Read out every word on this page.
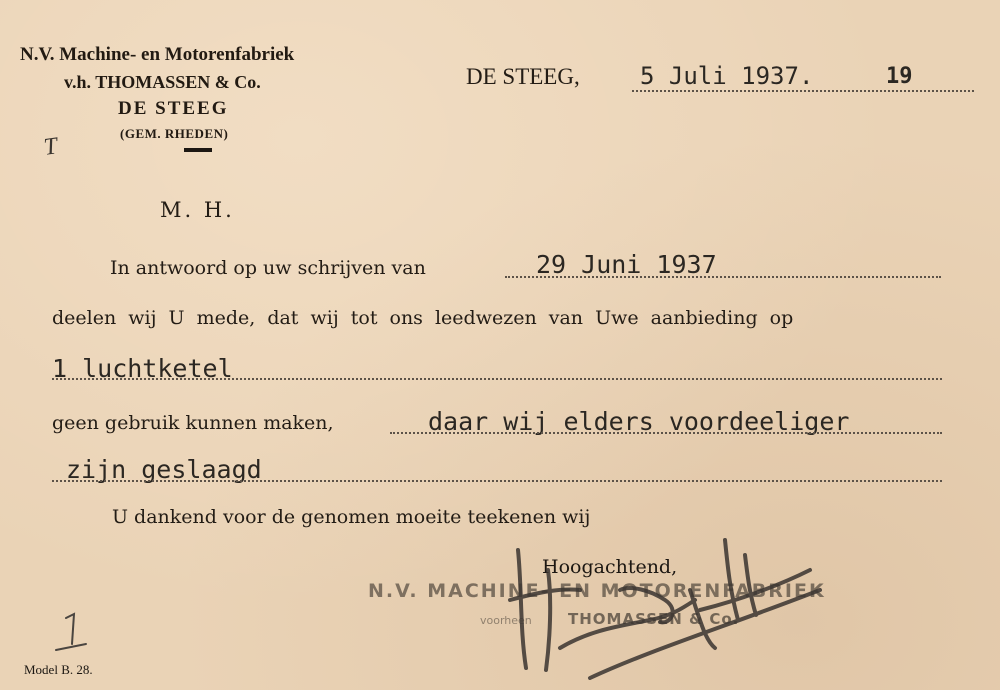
N.V. Machine- en Motorenfabriek
v.h. THOMASSEN & Co.
DE STEEG
(GEM. RHEDEN)
T
DE STEEG,	5 Juli 1937.	19
M. H.
In antwoord op uw schrijven van	29 Juni 1937
deelen wij U mede, dat wij tot ons leedwezen van Uwe aanbieding op
1 luchtketel
geen gebruik kunnen maken,	daar wij elders voordeeliger
zijn geslaagd
U dankend voor de genomen moeite teekenen wij
Hoogachtend,
N.V. MACHINE- EN MOTORENFABRIEK
voorheen THOMASSEN & Co.
Model B. 28.
